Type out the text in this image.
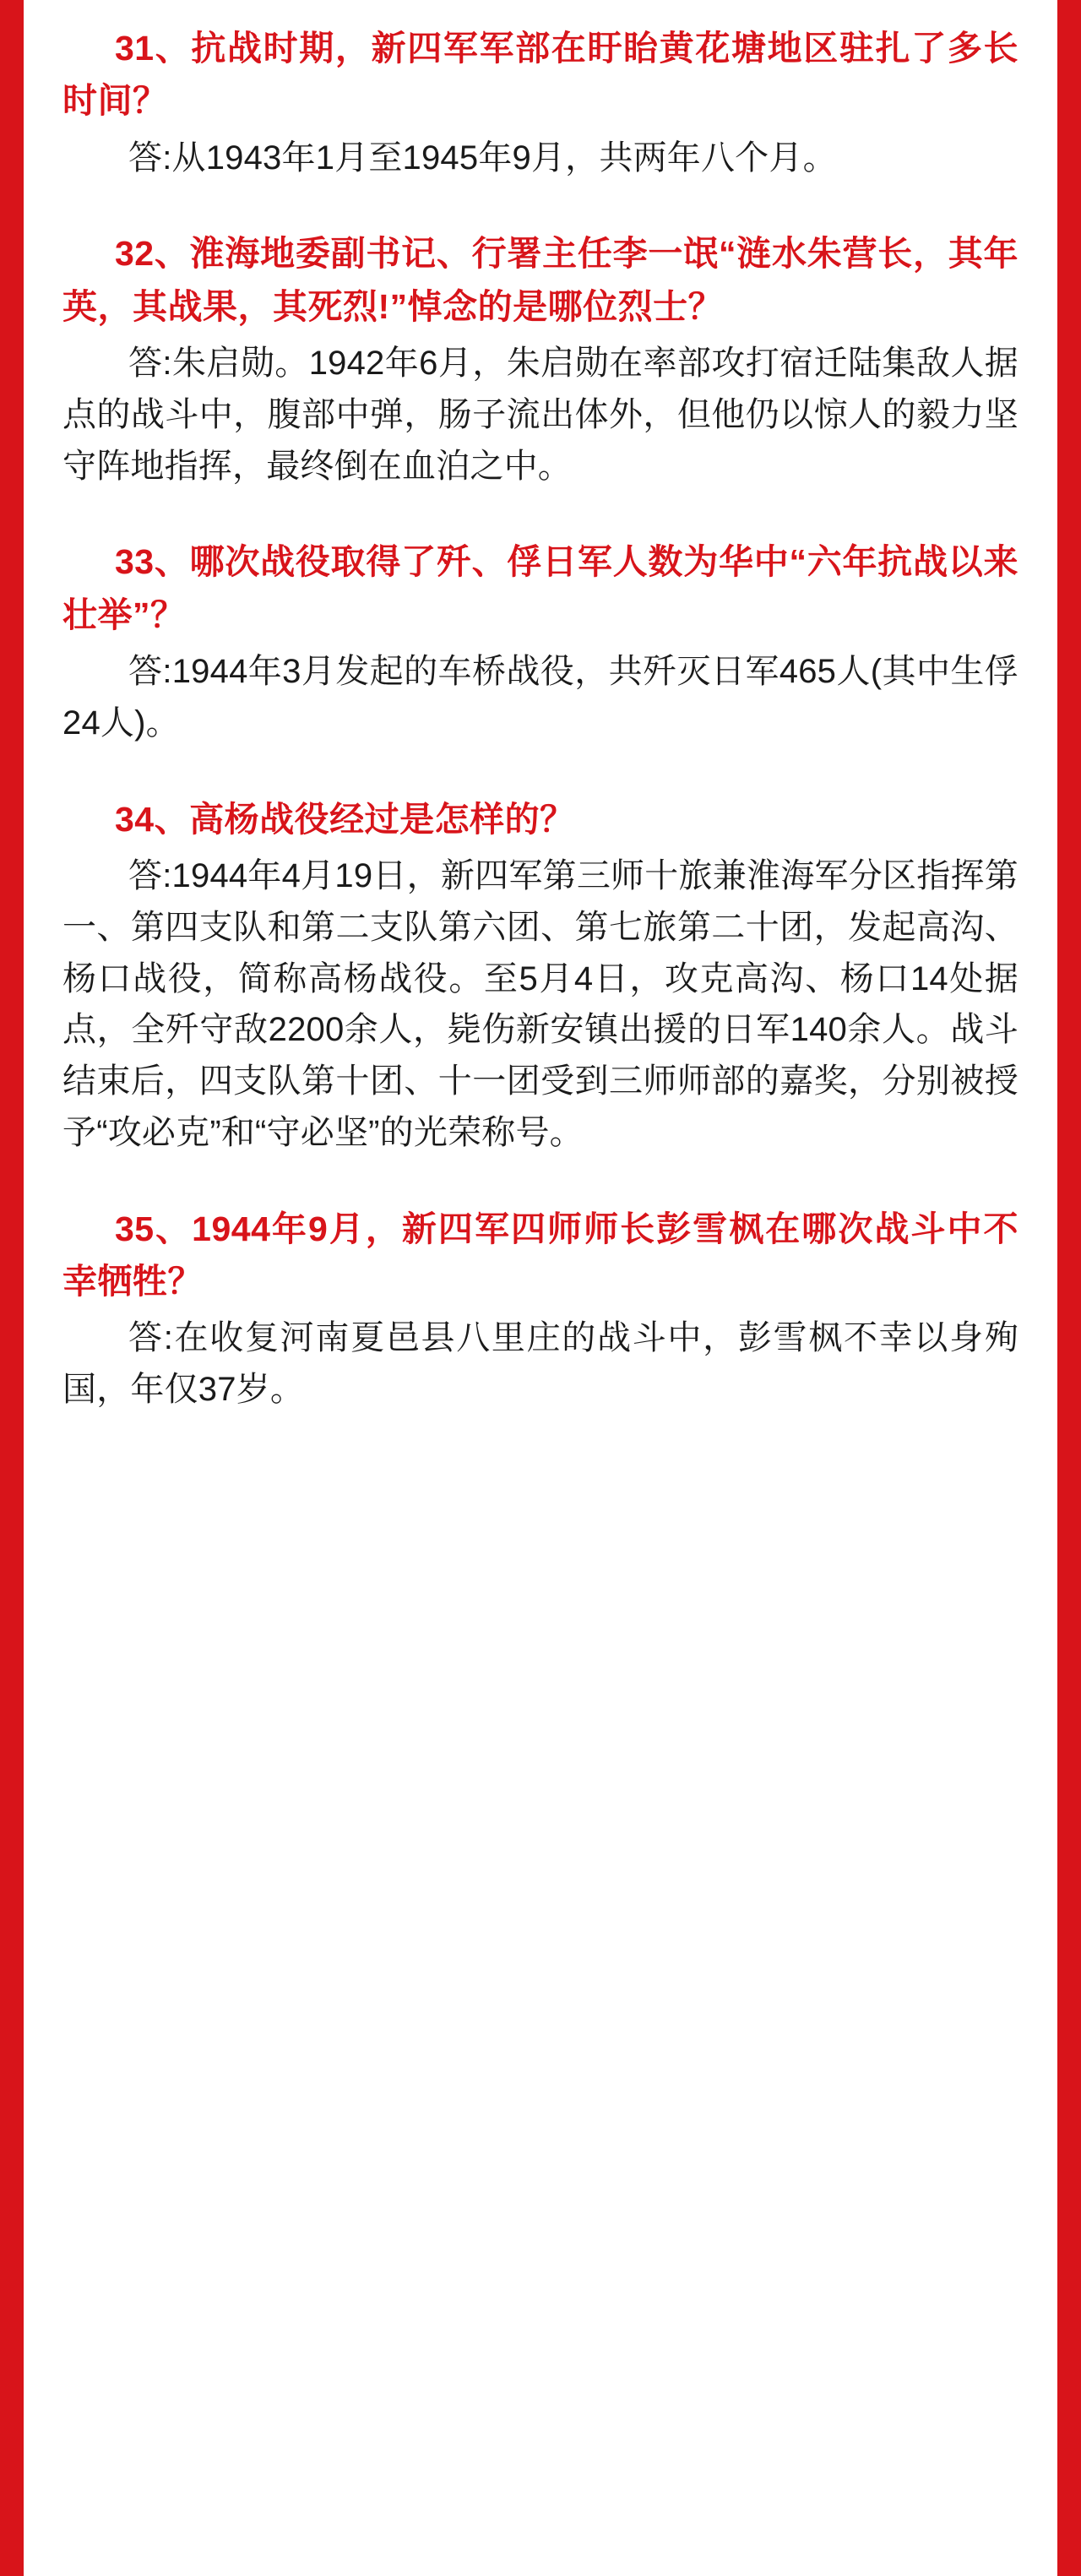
31、抗战时期，新四军军部在盱眙黄花塘地区驻扎了多长时间？

答:从1943年1月至1945年9月，共两年八个月。

32、淮海地委副书记、行署主任李一氓“涟水朱营长，其年英，其战果，其死烈!”悼念的是哪位烈士？

答:朱启勋。1942年6月，朱启勋在率部攻打宿迁陆集敌人据点的战斗中，腹部中弹，肠子流出体外，但他仍以惊人的毅力坚守阵地指挥，最终倒在血泊之中。

33、哪次战役取得了歼、俘日军人数为华中“六年抗战以来壮举”？

答:1944年3月发起的车桥战役，共歼灭日军465人(其中生俘24人)。

34、高杨战役经过是怎样的？

答:1944年4月19日，新四军第三师十旅兼淮海军分区指挥第一、第四支队和第二支队第六团、第七旅第二十团，发起高沟、杨口战役，简称高杨战役。至5月4日，攻克高沟、杨口14处据点，全歼守敌2200余人，毙伤新安镇出援的日军140余人。战斗结束后，四支队第十团、十一团受到三师师部的嘉奖，分别被授予“攻必克”和“守必坚”的光荣称号。

35、1944年9月，新四军四师师长彭雪枫在哪次战斗中不幸牺牲？

答:在收复河南夏邑县八里庄的战斗中，彭雪枫不幸以身殉国，年仅37岁。
